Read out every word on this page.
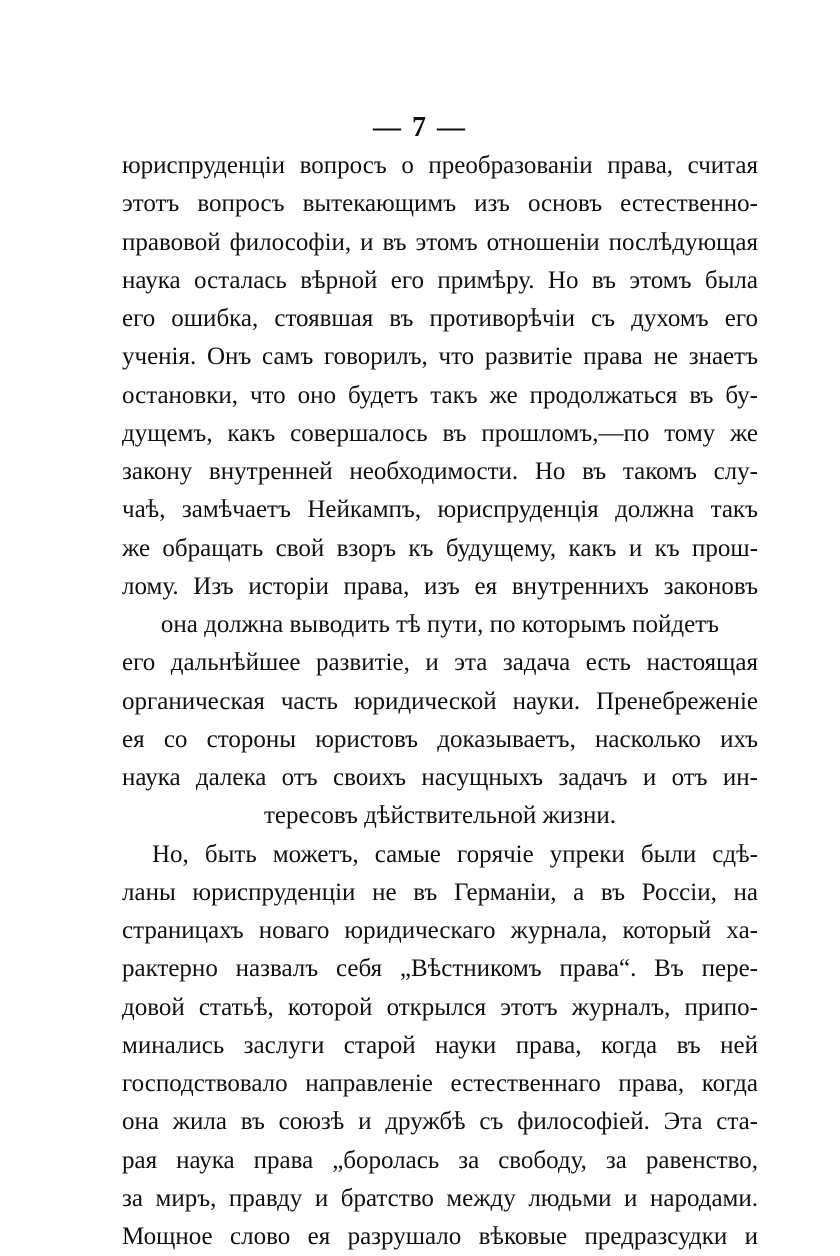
— 7 —
юриспруденціи вопросъ о преобразованіи права, считая
этотъ вопросъ вытекающимъ изъ основъ естественно-
правовой философіи, и въ этомъ отношеніи послѣдующая
наука осталась вѣрной его примѣру. Но въ этомъ была
его ошибка, стоявшая въ противорѣчіи съ духомъ его
ученія. Онъ самъ говорилъ, что развитіе права не знаетъ
остановки, что оно будетъ такъ же продолжаться въ бу-
дущемъ, какъ совершалось въ прошломъ,—по тому же
закону внутренней необходимости. Но въ такомъ слу-
чаѣ, замѣчаетъ Нейкампъ, юриспруденція должна такъ
же обращать свой взоръ къ будущему, какъ и къ прош-
лому. Изъ исторіи права, изъ ея внутреннихъ законовъ
она должна выводить тѣ пути, по которымъ пойдетъ
его дальнѣйшее развитіе, и эта задача есть настоящая
органическая часть юридической науки. Пренебреженіе
ея со стороны юристовъ доказываетъ, насколько ихъ
наука далека отъ своихъ насущныхъ задачъ и отъ ин-
тересовъ дѣйствительной жизни.
Но, быть можетъ, самые горячіе упреки были сдѣ-
ланы юриспруденціи не въ Германіи, а въ Россіи, на
страницахъ новаго юридическаго журнала, который ха-
рактерно назвалъ себя „Вѣстникомъ права“. Въ пере-
довой статьѣ, которой открылся этотъ журналъ, припо-
минались заслуги старой науки права, когда въ ней
господствовало направленіе естественнаго права, когда
она жила въ союзѣ и дружбѣ съ философіей. Эта ста-
рая наука права „боролась за свободу, за равенство,
за миръ, правду и братство между людьми и народами.
Мощное слово ея разрушало вѣковые предразсудки и
